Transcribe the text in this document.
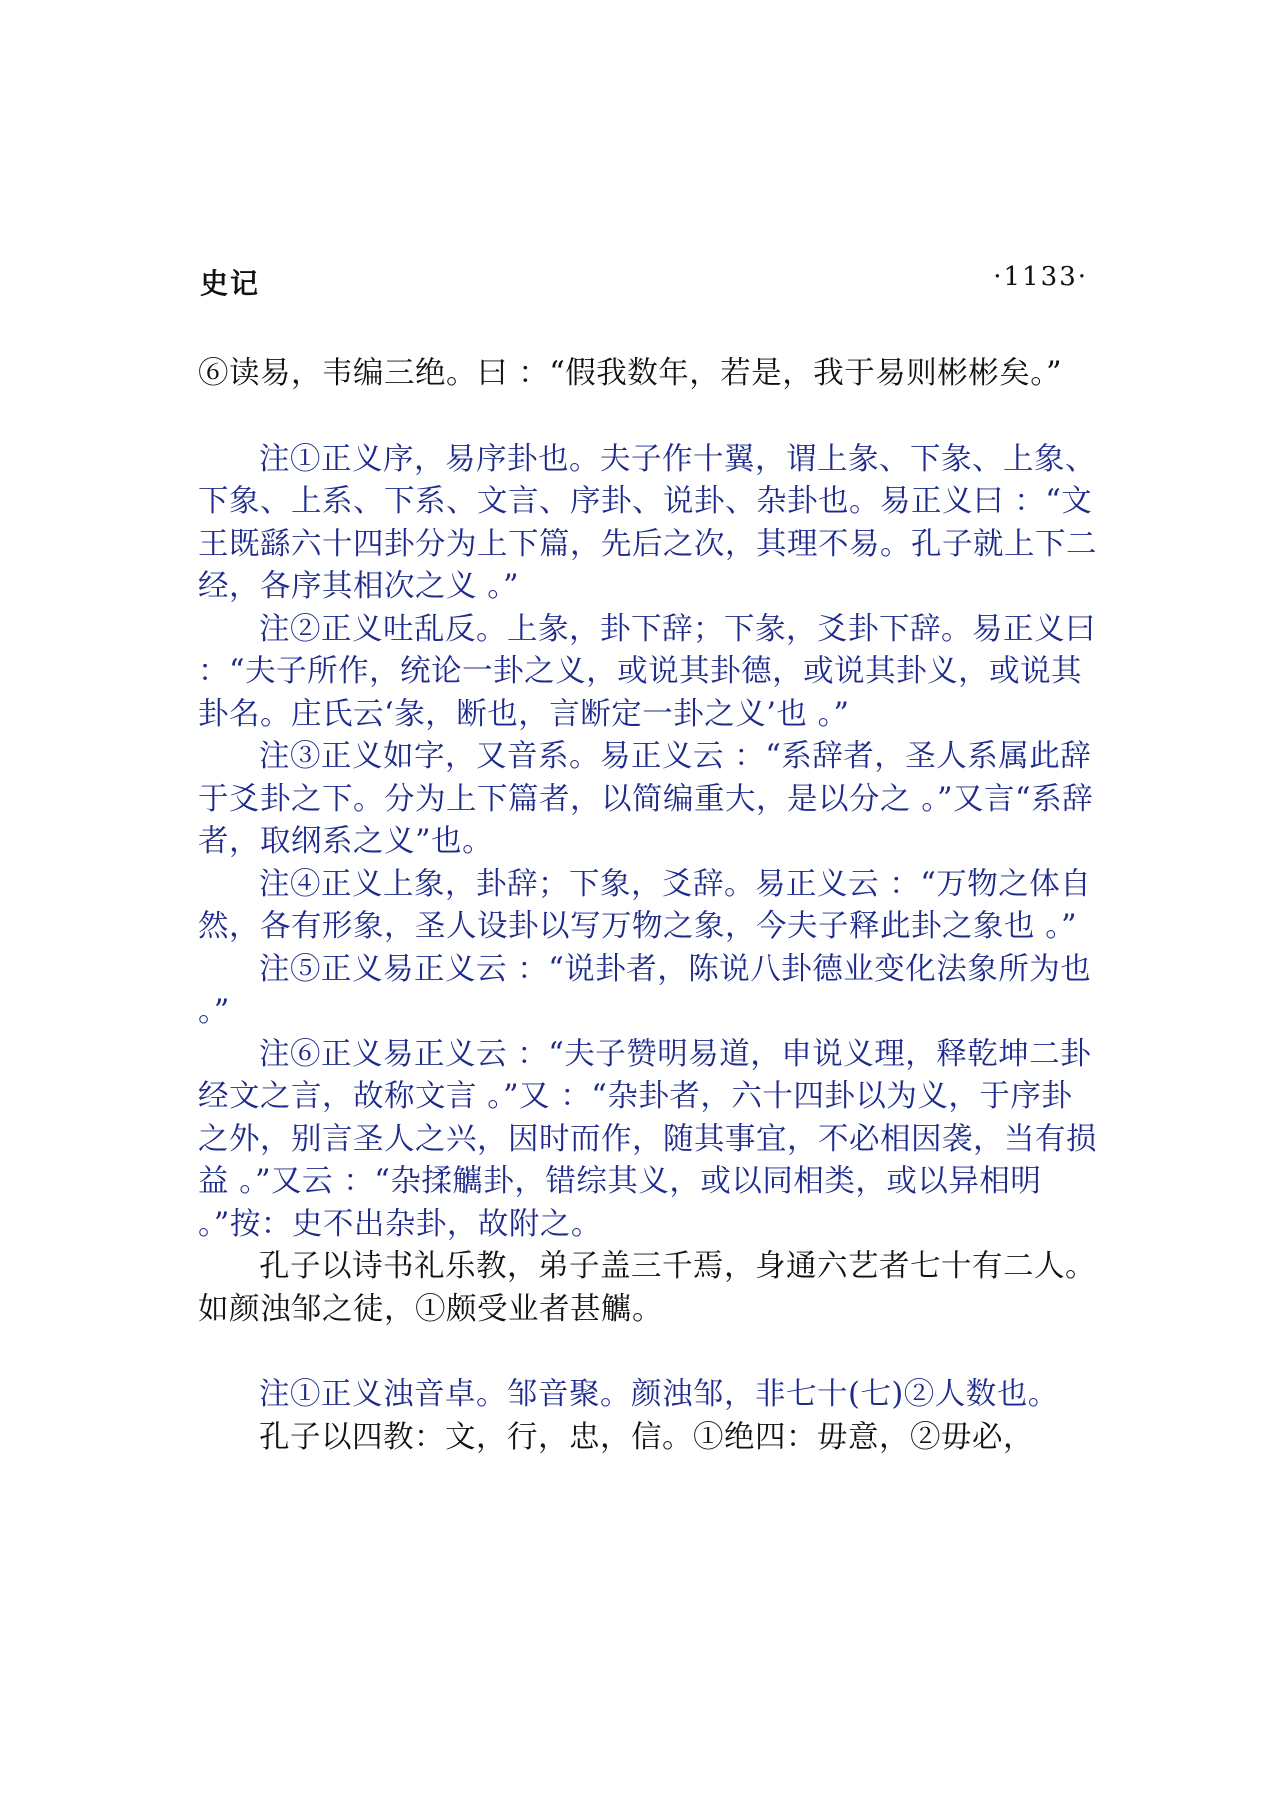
史记	·1133·

⑥读易，韦编三绝。曰 ：“假我数年，若是，我于易则彬彬矣。”

注①正义序，易序卦也。夫子作十翼，谓上彖、下彖、上象、下象、上系、下系、文言、序卦、说卦、杂卦也。易正义曰 ：“文王既繇六十四卦分为上下篇，先后之次，其理不易。孔子就上下二经，各序其相次之义 。”

注②正义吐乱反。上彖，卦下辞；下彖，爻卦下辞。易正义曰 ：“夫子所作，统论一卦之义，或说其卦德，或说其卦义，或说其卦名。庄氏云‘彖，断也，言断定一卦之义’也 。”

注③正义如字，又音系。易正义云 ：“系辞者，圣人系属此辞于爻卦之下。分为上下篇者，以简编重大，是以分之 。”又言“系辞者，取纲系之义”也。

注④正义上象，卦辞；下象，爻辞。易正义云 ：“万物之体自然，各有形象，圣人设卦以写万物之象，今夫子释此卦之象也 。”

注⑤正义易正义云 ：“说卦者，陈说八卦德业变化法象所为也 。”

注⑥正义易正义云 ：“夫子赞明易道，申说义理，释乾坤二卦经文之言，故称文言 。”又 ：“杂卦者，六十四卦以为义，于序卦之外，别言圣人之兴，因时而作，随其事宜，不必相因袭，当有损益 。”又云 ：“杂揉觽卦，错综其义，或以同相类，或以异相明 。”按：史不出杂卦，故附之。

孔子以诗书礼乐教，弟子盖三千焉，身通六艺者七十有二人。如颜浊邹之徒，①颇受业者甚觽。

注①正义浊音卓。邹音聚。颜浊邹，非七十(七)②人数也。

孔子以四教：文，行，忠，信。①绝四：毋意，②毋必，
